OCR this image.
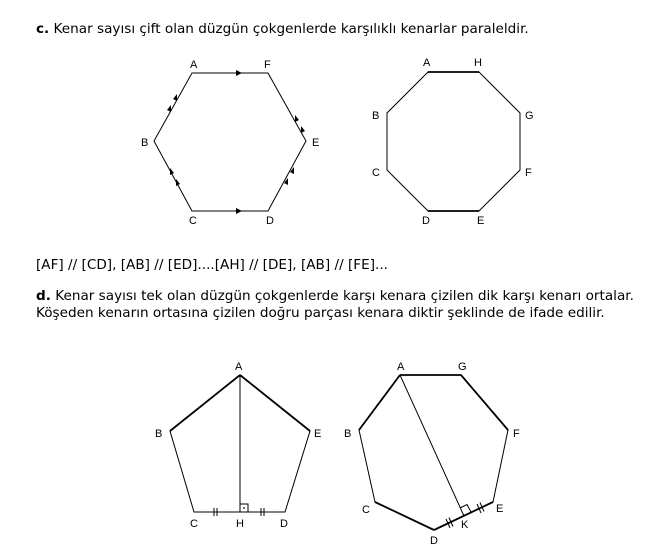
c. Kenar sayısı çift olan düzgün çokgenlerde karşılıklı kenarlar paraleldir.

[AF] // [CD], [AB] // [ED]....[AH] // [DE], [AB] // [FE]...

d. Kenar sayısı tek olan düzgün çokgenlerde karşı kenara çizilen dik karşı kenarı ortalar. Köşeden kenarın ortasına çizilen doğru parçası kenara diktir şeklinde de ifade edilir.

A	F
E
D
C
B
A	H
G
F
E
D
C
B
A
B	E
C	H	D
A	G
F
E
K
D
C
B
